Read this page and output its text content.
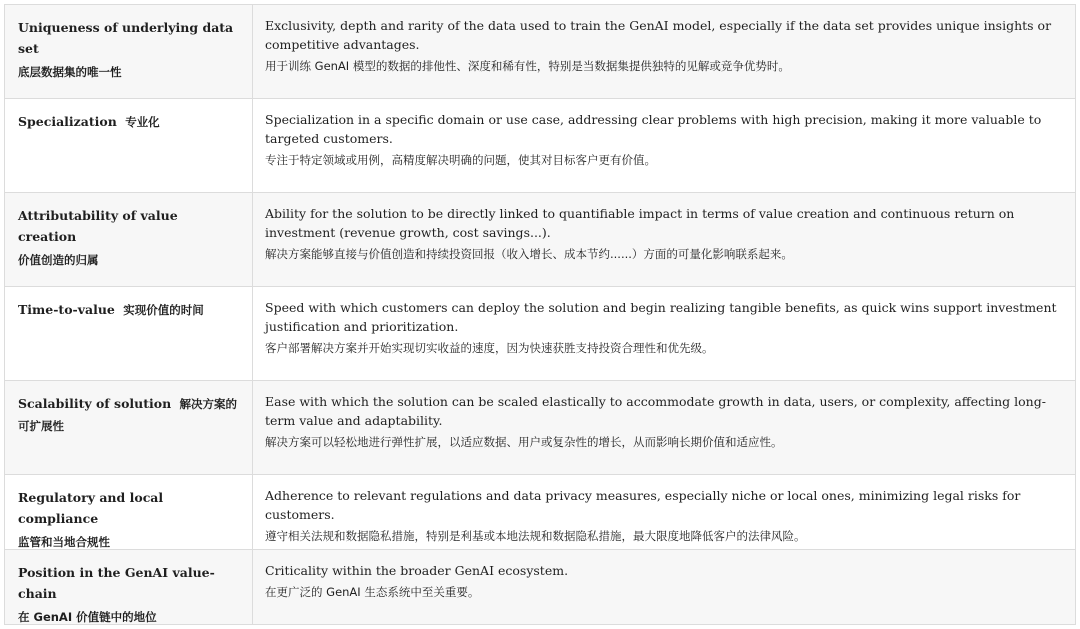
Uniqueness of underlying data set
底层数据集的唯一性
Exclusivity, depth and rarity of the data used to train the GenAI model, especially if the data set provides unique insights or competitive advantages.
用于训练 GenAI 模型的数据的排他性、深度和稀有性，特别是当数据集提供独特的见解或竞争优势时。
Specialization 专业化	Specialization in a specific domain or use case, addressing clear problems with high precision, making it more valuable to targeted customers.
专注于特定领域或用例，高精度解决明确的问题，使其对目标客户更有价值。
Attributability of value creation
价值创造的归属
Ability for the solution to be directly linked to quantifiable impact in terms of value creation and continuous return on investment (revenue growth, cost savings...).
解决方案能够直接与价值创造和持续投资回报（收入增长、成本节约......）方面的可量化影响联系起来。
Time-to-value 实现价值的时间	Speed with which customers can deploy the solution and begin realizing tangible benefits, as quick wins support investment justification and prioritization.
客户部署解决方案并开始实现切实收益的速度，因为快速获胜支持投资合理性和优先级。
Scalability of solution 解决方案的可扩展性
Ease with which the solution can be scaled elastically to accommodate growth in data, users, or complexity, affecting long-term value and adaptability.
解决方案可以轻松地进行弹性扩展，以适应数据、用户或复杂性的增长，从而影响长期价值和适应性。
Regulatory and local compliance
监管和当地合规性
Adherence to relevant regulations and data privacy measures, especially niche or local ones, minimizing legal risks for customers.
遵守相关法规和数据隐私措施，特别是利基或本地法规和数据隐私措施，最大限度地降低客户的法律风险。
Position in the GenAI value-chain
在 GenAI 价值链中的地位
Criticality within the broader GenAI ecosystem.
在更广泛的 GenAI 生态系统中至关重要。
